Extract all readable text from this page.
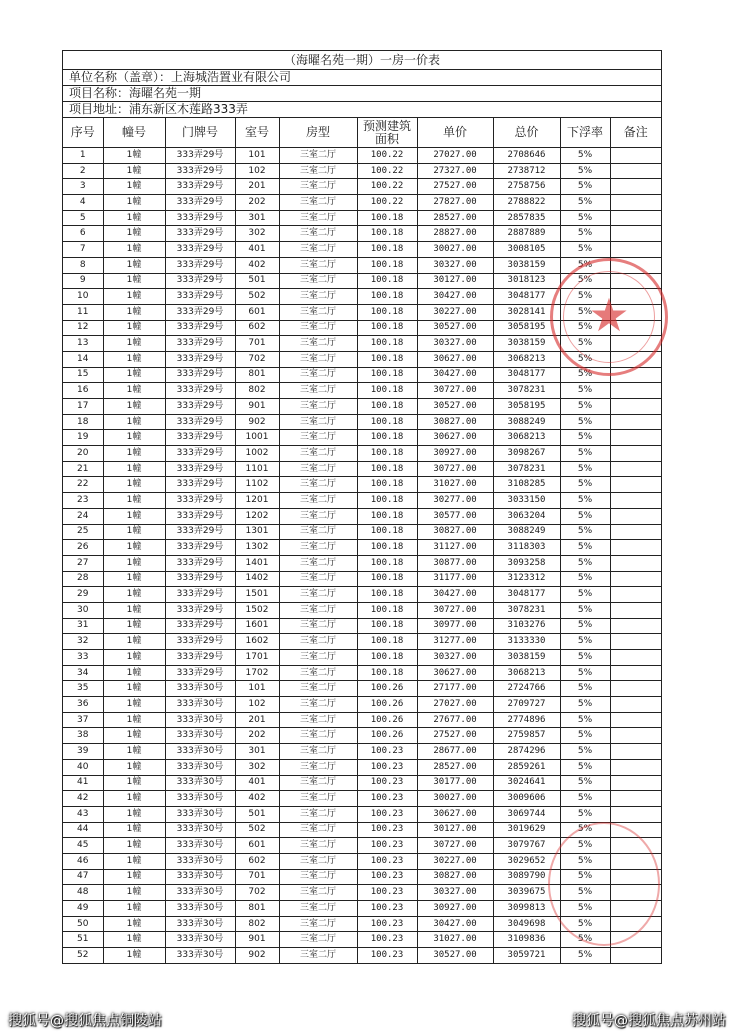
（海曜名苑一期）一房一价表
单位名称（盖章）：上海城浩置业有限公司
项目名称：海曜名苑一期
项目地址：浦东新区木莲路333弄
序号	幢号	门牌号	室号	房型	预测建筑面积	单价	总价	下浮率	备注
1	1幢	333弄29号	101	三室二厅	100.22	27027.00	2708646	5%	
2	1幢	333弄29号	102	三室二厅	100.22	27327.00	2738712	5%	
3	1幢	333弄29号	201	三室二厅	100.22	27527.00	2758756	5%	
4	1幢	333弄29号	202	三室二厅	100.22	27827.00	2788822	5%	
5	1幢	333弄29号	301	三室二厅	100.18	28527.00	2857835	5%	
6	1幢	333弄29号	302	三室二厅	100.18	28827.00	2887889	5%	
7	1幢	333弄29号	401	三室二厅	100.18	30027.00	3008105	5%	
8	1幢	333弄29号	402	三室二厅	100.18	30327.00	3038159	5%	
9	1幢	333弄29号	501	三室二厅	100.18	30127.00	3018123	5%	
10	1幢	333弄29号	502	三室二厅	100.18	30427.00	3048177	5%	
11	1幢	333弄29号	601	三室二厅	100.18	30227.00	3028141	5%	
12	1幢	333弄29号	602	三室二厅	100.18	30527.00	3058195	5%	
13	1幢	333弄29号	701	三室二厅	100.18	30327.00	3038159	5%	
14	1幢	333弄29号	702	三室二厅	100.18	30627.00	3068213	5%	
15	1幢	333弄29号	801	三室二厅	100.18	30427.00	3048177	5%	
16	1幢	333弄29号	802	三室二厅	100.18	30727.00	3078231	5%	
17	1幢	333弄29号	901	三室二厅	100.18	30527.00	3058195	5%	
18	1幢	333弄29号	902	三室二厅	100.18	30827.00	3088249	5%	
19	1幢	333弄29号	1001	三室二厅	100.18	30627.00	3068213	5%	
20	1幢	333弄29号	1002	三室二厅	100.18	30927.00	3098267	5%	
21	1幢	333弄29号	1101	三室二厅	100.18	30727.00	3078231	5%	
22	1幢	333弄29号	1102	三室二厅	100.18	31027.00	3108285	5%	
23	1幢	333弄29号	1201	三室二厅	100.18	30277.00	3033150	5%	
24	1幢	333弄29号	1202	三室二厅	100.18	30577.00	3063204	5%	
25	1幢	333弄29号	1301	三室二厅	100.18	30827.00	3088249	5%	
26	1幢	333弄29号	1302	三室二厅	100.18	31127.00	3118303	5%	
27	1幢	333弄29号	1401	三室二厅	100.18	30877.00	3093258	5%	
28	1幢	333弄29号	1402	三室二厅	100.18	31177.00	3123312	5%	
29	1幢	333弄29号	1501	三室二厅	100.18	30427.00	3048177	5%	
30	1幢	333弄29号	1502	三室二厅	100.18	30727.00	3078231	5%	
31	1幢	333弄29号	1601	三室二厅	100.18	30977.00	3103276	5%	
32	1幢	333弄29号	1602	三室二厅	100.18	31277.00	3133330	5%	
33	1幢	333弄29号	1701	三室二厅	100.18	30327.00	3038159	5%	
34	1幢	333弄29号	1702	三室二厅	100.18	30627.00	3068213	5%	
35	1幢	333弄30号	101	三室二厅	100.26	27177.00	2724766	5%	
36	1幢	333弄30号	102	三室二厅	100.26	27027.00	2709727	5%	
37	1幢	333弄30号	201	三室二厅	100.26	27677.00	2774896	5%	
38	1幢	333弄30号	202	三室二厅	100.26	27527.00	2759857	5%	
39	1幢	333弄30号	301	三室二厅	100.23	28677.00	2874296	5%	
40	1幢	333弄30号	302	三室二厅	100.23	28527.00	2859261	5%	
41	1幢	333弄30号	401	三室二厅	100.23	30177.00	3024641	5%	
42	1幢	333弄30号	402	三室二厅	100.23	30027.00	3009606	5%	
43	1幢	333弄30号	501	三室二厅	100.23	30627.00	3069744	5%	
44	1幢	333弄30号	502	三室二厅	100.23	30127.00	3019629	5%	
45	1幢	333弄30号	601	三室二厅	100.23	30727.00	3079767	5%	
46	1幢	333弄30号	602	三室二厅	100.23	30227.00	3029652	5%	
47	1幢	333弄30号	701	三室二厅	100.23	30827.00	3089790	5%	
48	1幢	333弄30号	702	三室二厅	100.23	30327.00	3039675	5%	
49	1幢	333弄30号	801	三室二厅	100.23	30927.00	3099813	5%	
50	1幢	333弄30号	802	三室二厅	100.23	30427.00	3049698	5%	
51	1幢	333弄30号	901	三室二厅	100.23	31027.00	3109836	5%	
52	1幢	333弄30号	902	三室二厅	100.23	30527.00	3059721	5%	
★
搜狐号@搜狐焦点铜陵站	搜狐号@搜狐焦点苏州站
